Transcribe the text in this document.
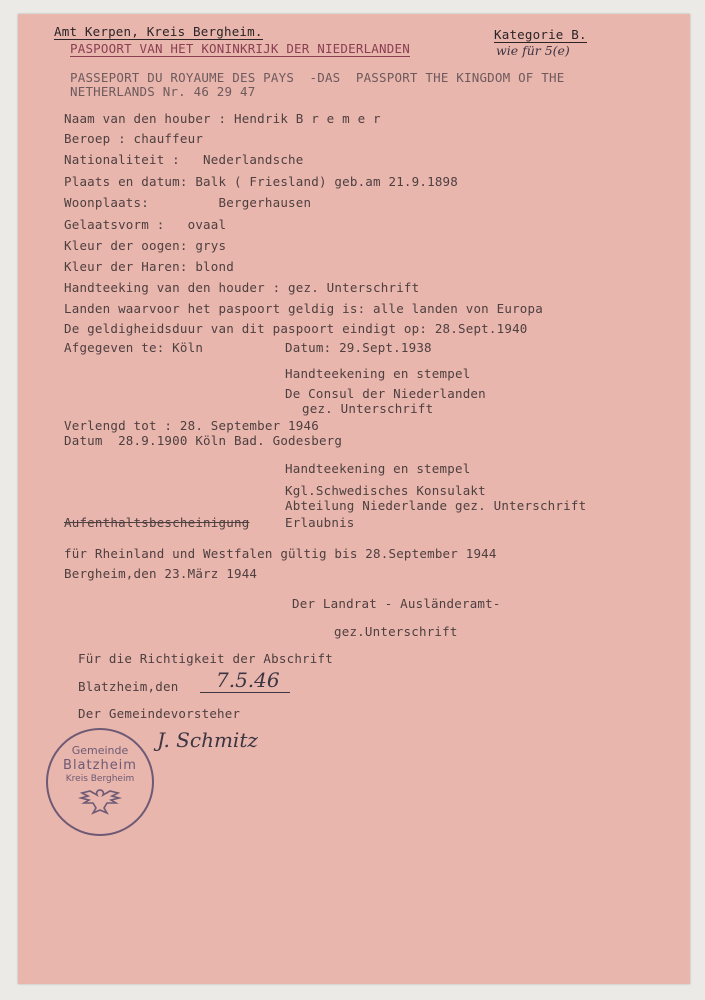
Amt Kerpen, Kreis Bergheim.	Kategorie B.
wie für 5(e)
PASPOORT VAN HET KONINKRIJK DER NIEDERLANDEN
PASSEPORT DU ROYAUME DES PAYS  -DAS  PASSPORT THE KINGDOM OF THE
NETHERLANDS Nr. 46 29 47
Naam van den houber : Hendrik B r e m e r
Beroep : chauffeur
Nationaliteit :   Nederlandsche
Plaats en datum: Balk ( Friesland) geb.am 21.9.1898
Woonplaats:         Bergerhausen
Gelaatsvorm :   ovaal
Kleur der oogen: grys
Kleur der Haren: blond
Handteeking van den houder : gez. Unterschrift
Landen waarvoor het paspoort geldig is: alle landen von Europa
De geldigheidsduur van dit paspoort eindigt op: 28.Sept.1940
Afgegeven te: Köln	Datum: 29.Sept.1938
Handteekening en stempel
De Consul der Niederlanden
gez. Unterschrift
Verlengd tot : 28. September 1946
Datum  28.9.1900 Köln Bad. Godesberg
Handteekening en stempel
Kgl.Schwedisches Konsulakt
Abteilung Niederlande gez. Unterschrift
Aufenthaltsbescheinigung	Erlaubnis
für Rheinland und Westfalen gültig bis 28.September 1944
Bergheim,den 23.März 1944
Der Landrat - Ausländeramt-
gez.Unterschrift
Für die Richtigkeit der Abschrift
Blatzheim,den	7.5.46
Der Gemeindevorsteher
J. Schmitz
Gemeinde
Blatzheim
Kreis Bergheim
